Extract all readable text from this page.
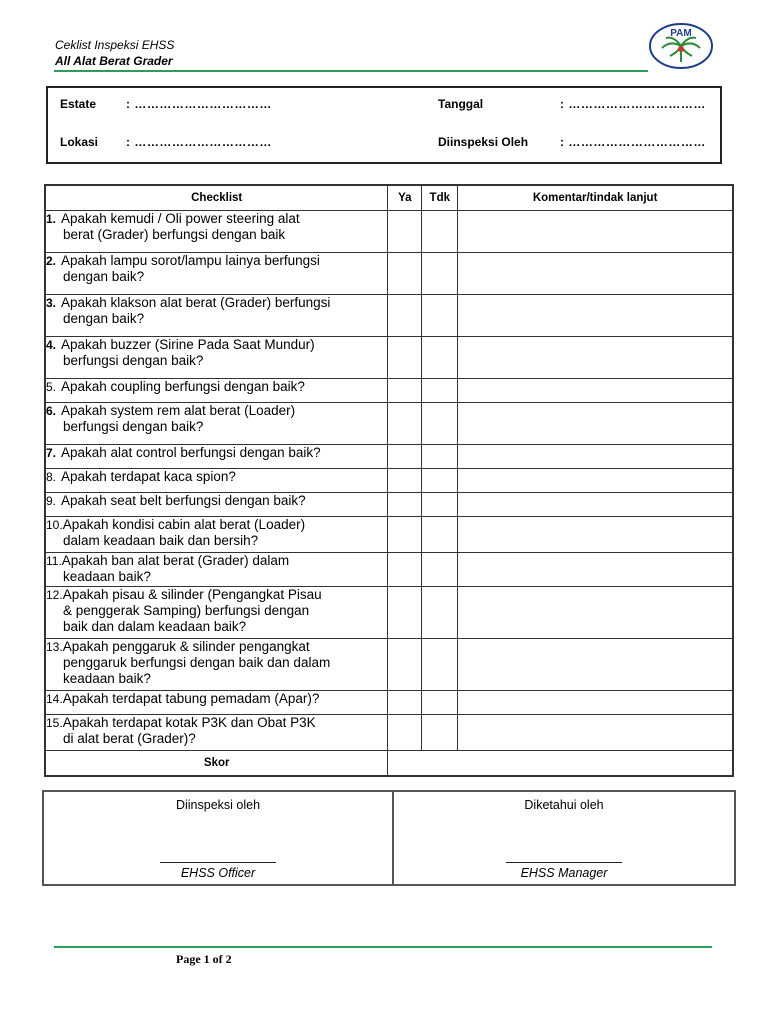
Ceklist Inspeksi EHSS
All Alat Berat Grader
PAM
Estate : ……………………………
Lokasi : ……………………………
Tanggal	: ……………………………
Diinspeksi Oleh	: ……………………………
Checklist	Ya	Tdk	Komentar/tindak lanjut
1. Apakah kemudi / Oli power steering alat
berat (Grader) berfungsi dengan baik			

2. Apakah lampu sorot/lampu lainya berfungsi
dengan baik?			

3. Apakah klakson alat berat (Grader) berfungsi
dengan baik?			

4. Apakah buzzer (Sirine Pada Saat Mundur)
berfungsi dengan baik?			

5. Apakah coupling berfungsi dengan baik?			
6. Apakah system rem alat berat (Loader)
berfungsi dengan baik?			

7. Apakah alat control berfungsi dengan baik?			
8. Apakah terdapat kaca spion?			
9. Apakah seat belt berfungsi dengan baik?			
10.Apakah kondisi cabin alat berat (Loader)
dalam keadaan baik dan bersih?			

11.Apakah ban alat berat (Grader) dalam
keadaan baik?			

12.Apakah pisau & silinder (Pengangkat Pisau
& penggerak Samping) berfungsi dengan
baik dan dalam keadaan baik?			

13.Apakah penggaruk & silinder pengangkat
penggaruk berfungsi dengan baik dan dalam
keadaan baik?			

14.Apakah terdapat tabung pemadam (Apar)?			
15.Apakah terdapat kotak P3K dan Obat P3K
di alat berat (Grader)?			

Skor			
Diinspeksi oleh
EHSS Officer
Diketahui oleh
EHSS Manager
Page 1 of 2
